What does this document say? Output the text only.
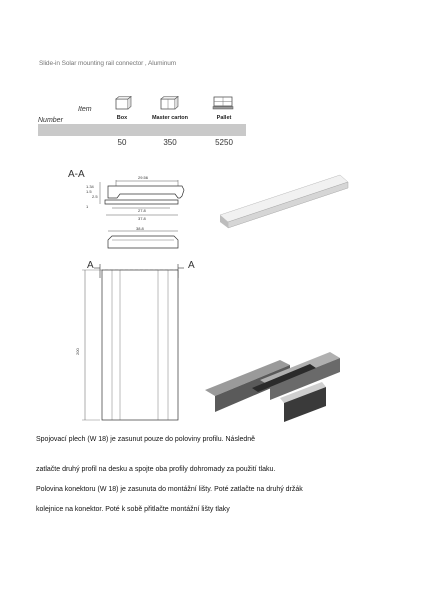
Slide-in Solar mounting rail connector , Aluminum
Item
Number	Box	Master carton	Pallet
50	350	5250
A-A	29.56
1.34
1.5
2.5
1
27.8
37.8
38.8
A	A
200
Spojovací plech (W 18) je zasunut pouze do poloviny profilu. Následně
zatlačte druhý profil na desku a spojte oba profily dohromady za použití tlaku.
Polovina konektoru (W 18) je zasunuta do montážní lišty. Poté zatlačte na druhý držák
kolejnice na konektor. Poté k sobě přitlačte montážní lišty tlaky
